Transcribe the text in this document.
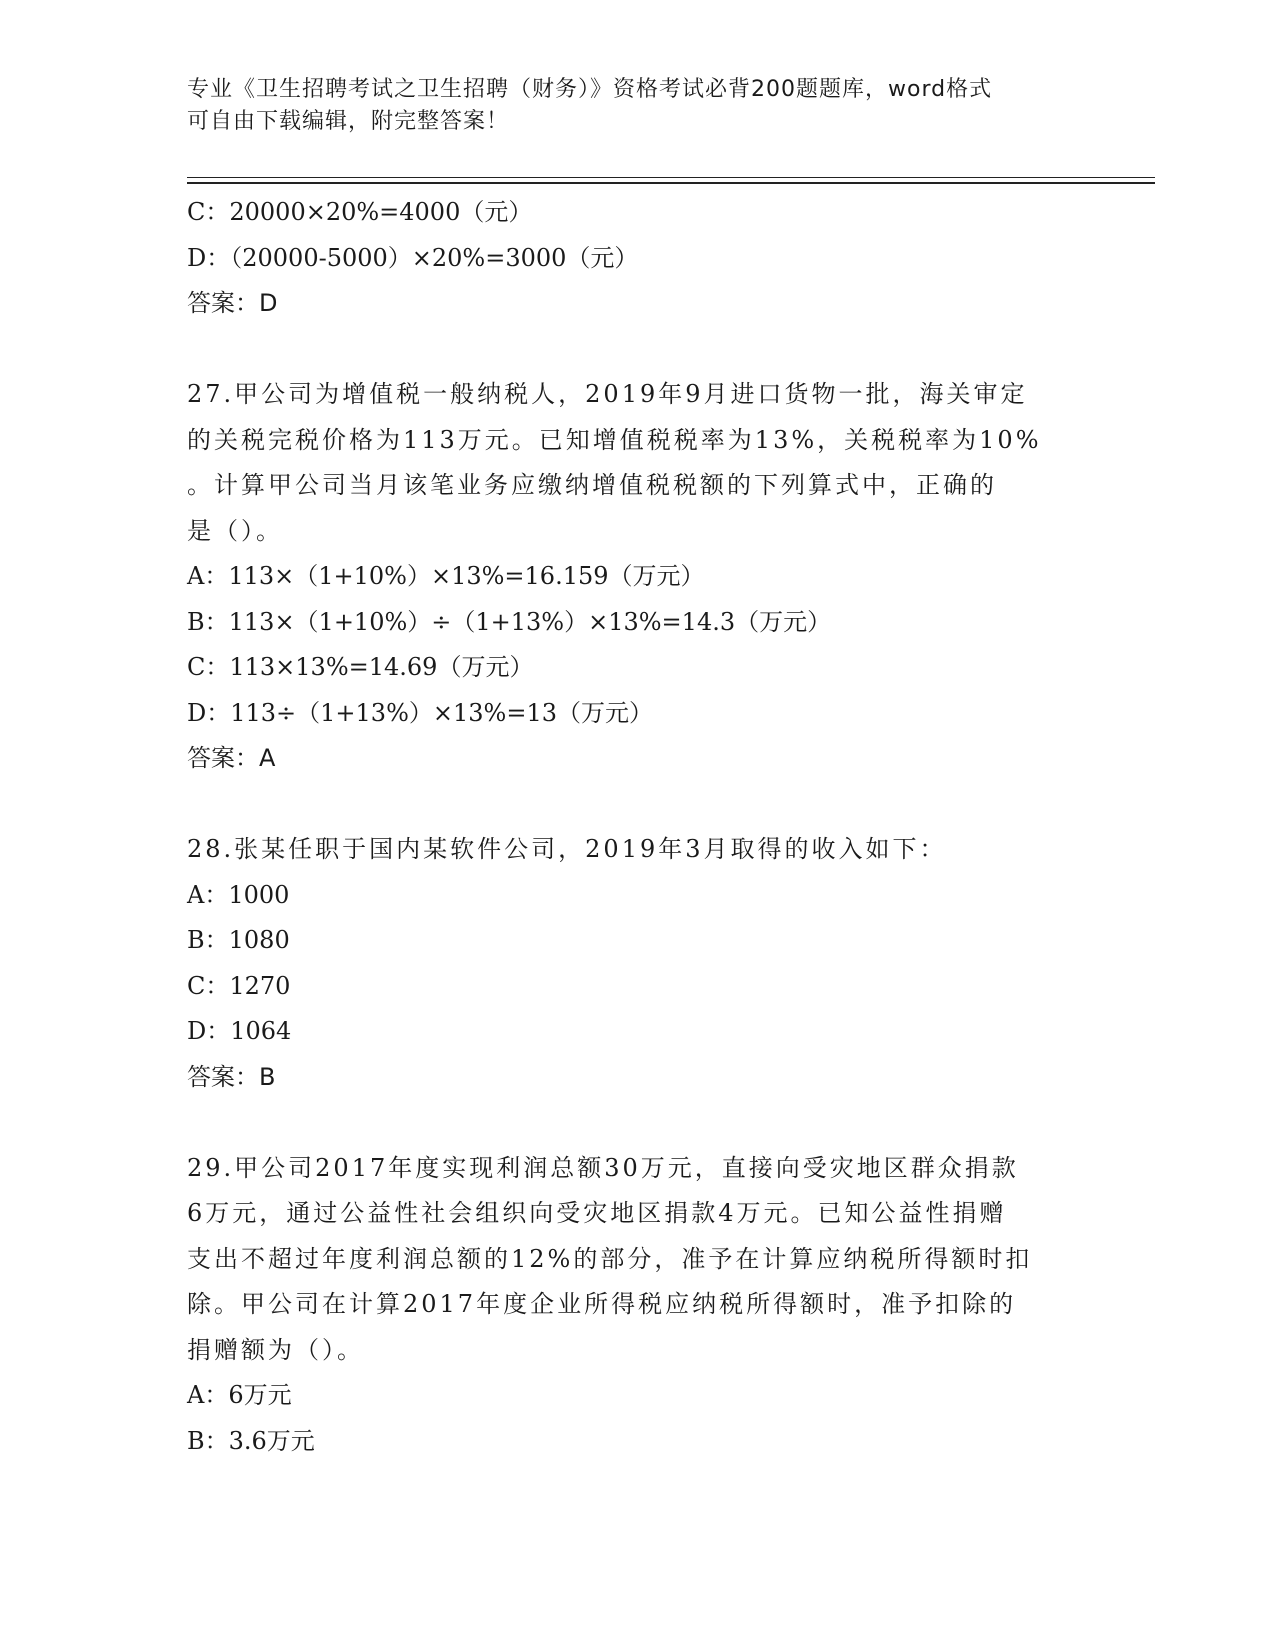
专业《卫生招聘考试之卫生招聘（财务）》资格考试必背200题题库，word格式
可自由下载编辑，附完整答案！
C：20000×20%=4000（元）
D：（20000-5000）×20%=3000（元）
答案：D
27.甲公司为增值税一般纳税人，2019年9月进口货物一批，海关审定
的关税完税价格为113万元。已知增值税税率为13%，关税税率为10%
。计算甲公司当月该笔业务应缴纳增值税税额的下列算式中，正确的
是（）。
A：113×（1+10%）×13%=16.159（万元）
B：113×（1+10%）÷（1+13%）×13%=14.3（万元）
C：113×13%=14.69（万元）
D：113÷（1+13%）×13%=13（万元）
答案：A
28.张某任职于国内某软件公司，2019年3月取得的收入如下：
A：1000
B：1080
C：1270
D：1064
答案：B
29.甲公司2017年度实现利润总额30万元，直接向受灾地区群众捐款
6万元，通过公益性社会组织向受灾地区捐款4万元。已知公益性捐赠
支出不超过年度利润总额的12%的部分，准予在计算应纳税所得额时扣
除。甲公司在计算2017年度企业所得税应纳税所得额时，准予扣除的
捐赠额为（）。
A：6万元
B：3.6万元
